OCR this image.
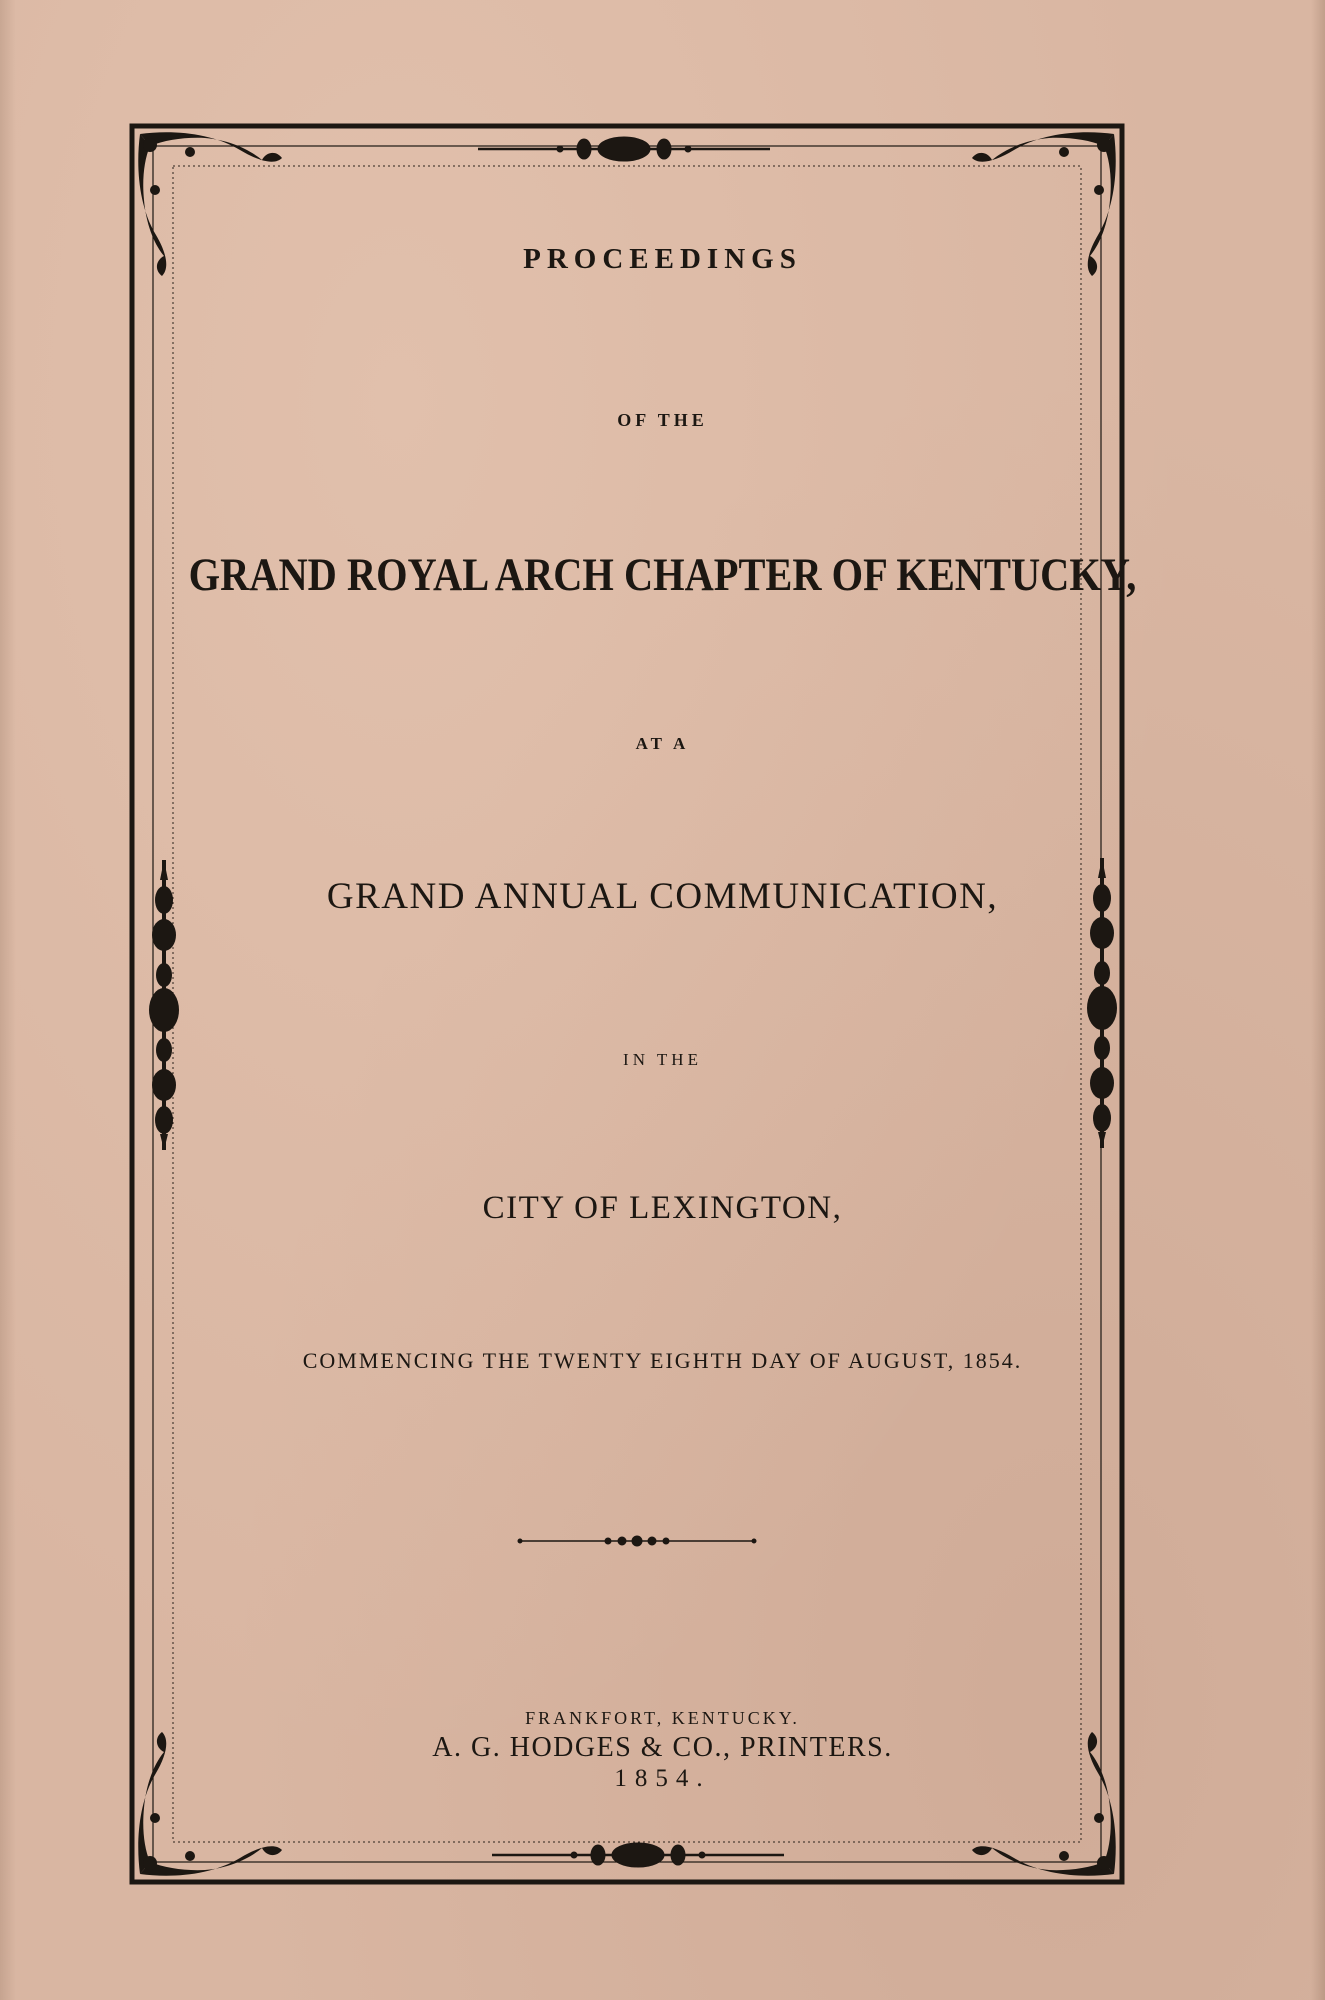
PROCEEDINGS
OF THE
GRAND ROYAL ARCH CHAPTER OF KENTUCKY,
AT A
GRAND ANNUAL COMMUNICATION,
IN THE
CITY OF LEXINGTON,
COMMENCING THE TWENTY EIGHTH DAY OF AUGUST, 1854.
FRANKFORT, KENTUCKY.
A. G. HODGES & CO., PRINTERS.
1854.
